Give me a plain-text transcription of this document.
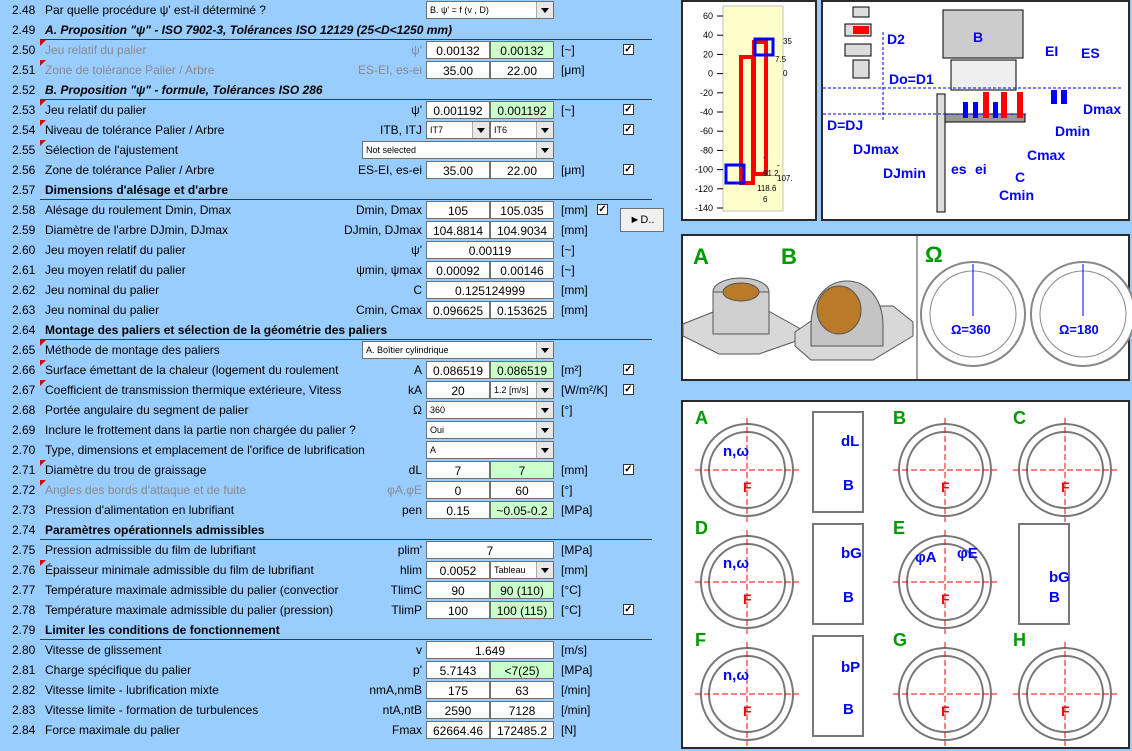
2.48 Par quelle procédure ψ' est-il déterminé ?	B. ψ' = f (v , D)
2.49 A. Proposition "ψ" - ISO 7902-3, Tolérances ISO 12129 (25<D<1250 mm)
2.50 Jeu relatif du palier	ψ'	0.00132	0.00132	[~]	✓
2.51 Zone de tolérance Palier / Arbre	ES-EI, es-ei	35.00	22.00	[μm]
2.52 B. Proposition "ψ" - formule, Tolérances ISO 286
2.53 Jeu relatif du palier	ψ' 0.001192	0.001192	[~]	✓
2.54 Niveau de tolérance Palier / Arbre	ITB, ITJ IT7	IT6	✓
2.55 Sélection de l'ajustement	Not selected
2.56 Zone de tolérance Palier / Arbre	ES-EI, es-ei	35.00	22.00	[μm]	✓
2.57 Dimensions d'alésage et d'arbre
2.58 Alésage du roulement Dmin, Dmax	Dmin, Dmax	105	105.035	[mm] ✓
2.59 Diamètre de l'arbre DJmin, DJmax	DJmin, DJmax 104.8814	104.9034	[mm]
2.60 Jeu moyen relatif du palier	ψ'	0.00119	[~]
2.61 Jeu moyen relatif du palier	ψmin, ψmax	0.00092	0.00146	[~]
2.62 Jeu nominal du palier	C	0.125124999	[mm]
2.63 Jeu nominal du palier	Cmin, Cmax 0.096625	0.153625	[mm]
2.64 Montage des paliers et sélection de la géométrie des paliers
2.65 Méthode de montage des paliers	A. Boîtier cylindrique
2.66 Surface émettant de la chaleur (logement du roulement	A 0.086519	0.086519	[m²]	✓
2.67 Coefficient de transmission thermique extérieure, Vitess	kA	20	1.2 [m/s]	[W/m²/K] ✓
2.68 Portée angulaire du segment de palier	Ω 360	[°]
2.69 Inclure le frottement dans la partie non chargée du palier ?	Oui
2.70 Type, dimensions et emplacement de l'orifice de lubrification	A
2.71 Diamètre du trou de graissage	dL	7	7	[mm]	✓
2.72 Angles des bords d'attaque et de fuite	φA,φE	0	60	[°]
2.73 Pression d'alimentation en lubrifiant	pen	0.15	~0.05-0.2	[MPa]
2.74 Paramètres opérationnels admissibles
2.75 Pression admissible du film de lubrifiant	plim'	7	[MPa]
2.76 Épaisseur minimale admissible du film de lubrifiant	hlim	0.0052	Tableau	[mm]
2.77 Température maximale admissible du palier (convectior	TlimC	90	90 (110)	[°C]
2.78 Température maximale admissible du palier (pression)	TlimP	100	100 (115)	[°C]	✓
2.79 Limiter les conditions de fonctionnement
2.80 Vitesse de glissement	v	1.649	[m/s]
2.81 Charge spécifique du palier	p'	5.7143	<7(25)	[MPa]
2.82 Vitesse limite - lubrification mixte	nmA,nmB	175	63	[/min]
2.83 Vitesse limite - formation de turbulences	ntA,ntB	2590	7128	[/min]
2.84 Force maximale du palier	Fmax 62664.46	172485.2	[N]
►D..
60
40
20
0
-20
-40
-60
-80
-100
-120
-140
35
7.5
0
-
-
91.2
107.
118.6
6
D2	B
Do=D1
EI ES
Dmax
D=DJ	Dmin
DJmax	Cmax
DJmin es ei C
Cmin
A	B	Ω
Ω=360	Ω=180
A	B	C
D	E
F	G	H
n,ω
n,ω
n,ω
dL
B
bG
B
bG
B
bP
B
φA φE
F	F	F
F	F
F	F	F
